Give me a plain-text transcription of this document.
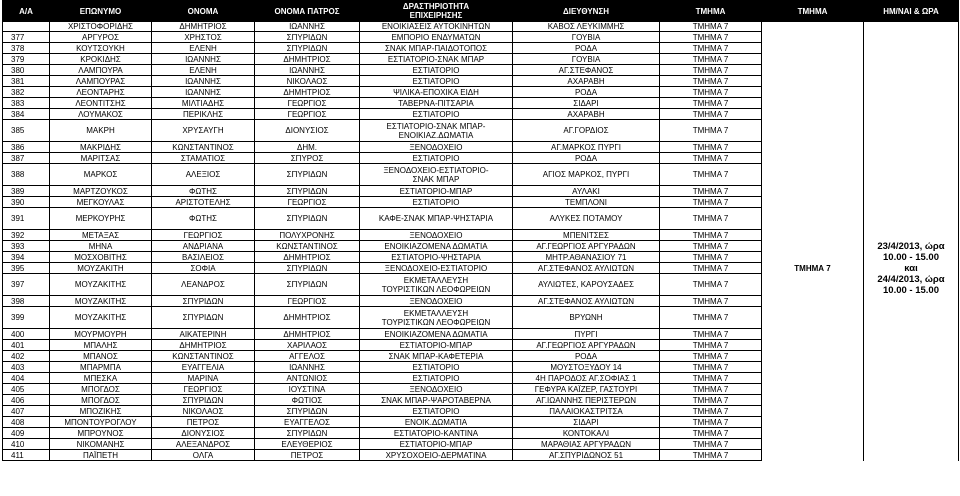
Α/Α	ΕΠΩΝΥΜΟ	ΟΝΟΜΑ	ΟΝΟΜΑ ΠΑΤΡΟΣ	ΔΡΑΣΤΗΡΙΟΤΗΤΑ
ΕΠΙΧΕΙΡΗΣΗΣ	ΔΙΕΥΘΥΝΣΗ	ΤΜΗΜΑ	ΤΜΗΜΑ	ΗΜ/ΝΑΙ & ΩΡΑ
	ΧΡΙΣΤΟΦΟΡΙΔΗΣ	ΔΗΜΗΤΡΙΟΣ	ΙΩΑΝΝΗΣ	ΕΝΟΙΚΙΑΣΕΙΣ ΑΥΤΟΚΙΝΗΤΩΝ	ΚΑΒΟΣ ΛΕΥΚΙΜΜΗΣ	ΤΜΗΜΑ 7		
377	ΑΡΓΥΡΟΣ	ΧΡΗΣΤΟΣ	ΣΠΥΡΙΔΩΝ	ΕΜΠΟΡΙΟ ΕΝΔΥΜΑΤΩΝ	ΓΟΥΒΙΑ	ΤΜΗΜΑ 7		
378	ΚΟΥΤΣΟΥΚΗ	ΕΛΕΝΗ	ΣΠΥΡΙΔΩΝ	ΣΝΑΚ ΜΠΑΡ-ΠΑΙΔΟΤΟΠΟΣ	ΡΟΔΑ	ΤΜΗΜΑ 7		
379	ΚΡΟΚΙΔΗΣ	ΙΩΑΝΝΗΣ	ΔΗΜΗΤΡΙΟΣ	ΕΣΤΙΑΤΟΡΙΟ-ΣΝΑΚ ΜΠΑΡ	ΓΟΥΒΙΑ	ΤΜΗΜΑ 7		
380	ΛΑΜΠΟΥΡΑ	ΕΛΕΝΗ	ΙΩΑΝΝΗΣ	ΕΣΤΙΑΤΟΡΙΟ	ΑΓ.ΣΤΕΦΑΝΟΣ	ΤΜΗΜΑ 7		
381	ΛΑΜΠΟΥΡΑΣ	ΙΩΑΝΝΗΣ	ΝΙΚΟΛΑΟΣ	ΕΣΤΙΑΤΟΡΙΟ	ΑΧΑΡΑΒΗ	ΤΜΗΜΑ 7		
382	ΛΕΟΝΤΑΡΗΣ	ΙΩΑΝΝΗΣ	ΔΗΜΗΤΡΙΟΣ	ΨΙΛΙΚΑ-ΕΠΟΧΙΚΑ ΕΙΔΗ	ΡΟΔΑ	ΤΜΗΜΑ 7		
383	ΛΕΟΝΤΙΤΣΗΣ	ΜΙΛΤΙΑΔΗΣ	ΓΕΩΡΓΙΟΣ	ΤΑΒΕΡΝΑ-ΠΙΤΣΑΡΙΑ	ΣΙΔΑΡΙ	ΤΜΗΜΑ 7		
384	ΛΟΥΜΑΚΟΣ	ΠΕΡΙΚΛΗΣ	ΓΕΩΡΓΙΟΣ	ΕΣΤΙΑΤΟΡΙΟ	ΑΧΑΡΑΒΗ	ΤΜΗΜΑ 7		
385	ΜΑΚΡΗ	ΧΡΥΣΑΥΓΗ	ΔΙΟΝΥΣΙΟΣ	ΕΣΤΙΑΤΟΡΙΟ-ΣΝΑΚ ΜΠΑΡ-
ΕΝΟΙΚΙΑΖ.ΔΩΜΑΤΙΑ	ΑΓ.ΓΟΡΔΙΟΣ	ΤΜΗΜΑ 7		
386	ΜΑΚΡΙΔΗΣ	ΚΩΝΣΤΑΝΤΙΝΟΣ	ΔΗΜ.	ΞΕΝΟΔΟΧΕΙΟ	ΑΓ.ΜΑΡΚΟΣ ΠΥΡΓΙ	ΤΜΗΜΑ 7		
387	ΜΑΡΙΤΣΑΣ	ΣΤΑΜΑΤΙΟΣ	ΣΠΥΡΟΣ	ΕΣΤΙΑΤΟΡΙΟ	ΡΟΔΑ	ΤΜΗΜΑ 7		
388	ΜΑΡΚΟΣ	ΑΛΕΞΙΟΣ	ΣΠΥΡΙΔΩΝ	ΞΕΝΟΔΟΧΕΙΟ-ΕΣΤΙΑΤΟΡΙΟ-
ΣΝΑΚ ΜΠΑΡ	ΑΓΙΟΣ ΜΑΡΚΟΣ, ΠΥΡΓΙ	ΤΜΗΜΑ 7		
389	ΜΑΡΤΖΟΥΚΟΣ	ΦΩΤΗΣ	ΣΠΥΡΙΔΩΝ	ΕΣΤΙΑΤΟΡΙΟ-ΜΠΑΡ	ΑΥΛΑΚΙ	ΤΜΗΜΑ 7		
390	ΜΕΓΚΟΥΛΑΣ	ΑΡΙΣΤΟΤΕΛΗΣ	ΓΕΩΡΓΙΟΣ	ΕΣΤΙΑΤΟΡΙΟ	ΤΕΜΠΛΟΝΙ	ΤΜΗΜΑ 7		
391	ΜΕΡΚΟΥΡΗΣ	ΦΩΤΗΣ	ΣΠΥΡΙΔΩΝ	ΚΑΦΕ-ΣΝΑΚ ΜΠΑΡ-ΨΗΣΤΑΡΙΑ	ΑΛΥΚΕΣ ΠΟΤΑΜΟΥ	ΤΜΗΜΑ 7	ΤΜΗΜΑ 7	23/4/2013, ώρα
10.00 - 15.00
και
24/4/2013, ώρα
10.00 - 15.00

392	ΜΕΤΑΞΑΣ	ΓΕΩΡΓΙΟΣ	ΠΟΛΥΧΡΟΝΗΣ	ΞΕΝΟΔΟΧΕΙΟ	ΜΠΕΝΙΤΣΕΣ	ΤΜΗΜΑ 7		
393	ΜΗΝΑ	ΑΝΔΡΙΑΝΑ	ΚΩΝΣΤΑΝΤΙΝΟΣ	ΕΝΟΙΚΙΑΖΟΜΕΝΑ ΔΩΜΑΤΙΑ	ΑΓ.ΓΕΩΡΓΙΟΣ ΑΡΓΥΡΑΔΩΝ	ΤΜΗΜΑ 7		
394	ΜΟΣΧΟΒΙΤΗΣ	ΒΑΣΙΛΕΙΟΣ	ΔΗΜΗΤΡΙΟΣ	ΕΣΤΙΑΤΟΡΙΟ-ΨΗΣΤΑΡΙΑ	ΜΗΤΡ.ΑΘΑΝΑΣΙΟΥ 71	ΤΜΗΜΑ 7		
395	ΜΟΥΖΑΚΙΤΗ	ΣΟΦΙΑ	ΣΠΥΡΙΔΩΝ	ΞΕΝΟΔΟΧΕΙΟ-ΕΣΤΙΑΤΟΡΙΟ	ΑΓ.ΣΤΕΦΑΝΟΣ ΑΥΛΙΩΤΩΝ	ΤΜΗΜΑ 7		
397	ΜΟΥΖΑΚΙΤΗΣ	ΛΕΑΝΔΡΟΣ	ΣΠΥΡΙΔΩΝ	ΕΚΜΕΤΑΛΛΕΥΣΗ
ΤΟΥΡΙΣΤΙΚΩΝ ΛΕΟΦΩΡΕΙΩΝ	ΑΥΛΙΩΤΕΣ, ΚΑΡΟΥΣΑΔΕΣ	ΤΜΗΜΑ 7		
398	ΜΟΥΖΑΚΙΤΗΣ	ΣΠΥΡΙΔΩΝ	ΓΕΩΡΓΙΟΣ	ΞΕΝΟΔΟΧΕΙΟ	ΑΓ.ΣΤΕΦΑΝΟΣ ΑΥΛΙΩΤΩΝ	ΤΜΗΜΑ 7		
399	ΜΟΥΖΑΚΙΤΗΣ	ΣΠΥΡΙΔΩΝ	ΔΗΜΗΤΡΙΟΣ	ΕΚΜΕΤΑΛΛΕΥΣΗ
ΤΟΥΡΙΣΤΙΚΩΝ ΛΕΟΦΩΡΕΙΩΝ	ΒΡΥΩΝΗ	ΤΜΗΜΑ 7		
400	ΜΟΥΡΜΟΥΡΗ	ΑΙΚΑΤΕΡΙΝΗ	ΔΗΜΗΤΡΙΟΣ	ΕΝΟΙΚΙΑΖΟΜΕΝΑ ΔΩΜΑΤΙΑ	ΠΥΡΓΙ	ΤΜΗΜΑ 7		
401	ΜΠΑΛΗΣ	ΔΗΜΗΤΡΙΟΣ	ΧΑΡΙΛΑΟΣ	ΕΣΤΙΑΤΟΡΙΟ-ΜΠΑΡ	ΑΓ.ΓΕΩΡΓΙΟΣ ΑΡΓΥΡΑΔΩΝ	ΤΜΗΜΑ 7		
402	ΜΠΑΝΟΣ	ΚΩΝΣΤΑΝΤΙΝΟΣ	ΑΓΓΕΛΟΣ	ΣΝΑΚ ΜΠΑΡ-ΚΑΦΕΤΕΡΙΑ	ΡΟΔΑ	ΤΜΗΜΑ 7		
403	ΜΠΑΡΜΠΑ	ΕΥΑΓΓΕΛΙΑ	ΙΩΑΝΝΗΣ	ΕΣΤΙΑΤΟΡΙΟ	ΜΟΥΣΤΟΞΥΔΟΥ 14	ΤΜΗΜΑ 7		
404	ΜΠΕΣΚΑ	ΜΑΡΙΝΑ	ΑΝΤΩΝΙΟΣ	ΕΣΤΙΑΤΟΡΙΟ	4Η ΠΑΡΟΔΟΣ ΑΓ.ΣΟΦΙΑΣ 1	ΤΜΗΜΑ 7		
405	ΜΠΟΓΔΟΣ	ΓΕΩΡΓΙΟΣ	ΙΟΥΣΤΙΝΑ	ΞΕΝΟΔΟΧΕΙΟ	ΓΕΦΥΡΑ ΚΑΪΖΕΡ, ΓΑΣΤΟΥΡΙ	ΤΜΗΜΑ 7		
406	ΜΠΟΓΔΟΣ	ΣΠΥΡΙΔΩΝ	ΦΩΤΙΟΣ	ΣΝΑΚ ΜΠΑΡ-ΨΑΡΟΤΑΒΕΡΝΑ	ΑΓ.ΙΩΑΝΝΗΣ ΠΕΡΙΣΤΕΡΩΝ	ΤΜΗΜΑ 7		
407	ΜΠΟΖΙΚΗΣ	ΝΙΚΟΛΑΟΣ	ΣΠΥΡΙΔΩΝ	ΕΣΤΙΑΤΟΡΙΟ	ΠΑΛΑΙΟΚΑΣΤΡΙΤΣΑ	ΤΜΗΜΑ 7		
408	ΜΠΟΝΤΟΥΡΟΓΛΟΥ	ΠΕΤΡΟΣ	ΕΥΑΓΓΕΛΟΣ	ΕΝΟΙΚ.ΔΩΜΑΤΙΑ	ΣΙΔΑΡΙ	ΤΜΗΜΑ 7		
409	ΜΠΡΟΥΝΟΣ	ΔΙΟΝΥΣΙΟΣ	ΣΠΥΡΙΔΩΝ	ΕΣΤΙΑΤΟΡΙΟ-ΚΑΝΤΙΝΑ	ΚΟΝΤΟΚΑΛΙ	ΤΜΗΜΑ 7		
410	ΝΙΚΟΜΑΝΗΣ	ΑΛΕΞΑΝΔΡΟΣ	ΕΛΕΥΘΕΡΙΟΣ	ΕΣΤΙΑΤΟΡΙΟ-ΜΠΑΡ	ΜΑΡΑΘΙΑΣ ΑΡΓΥΡΑΔΩΝ	ΤΜΗΜΑ 7		
411	ΠΑΪΠΕΤΗ	ΟΛΓΑ	ΠΕΤΡΟΣ	ΧΡΥΣΟΧΟΕΙΟ-ΔΕΡΜΑΤΙΝΑ	ΑΓ.ΣΠΥΡΙΔΩΝΟΣ 51	ΤΜΗΜΑ 7		
